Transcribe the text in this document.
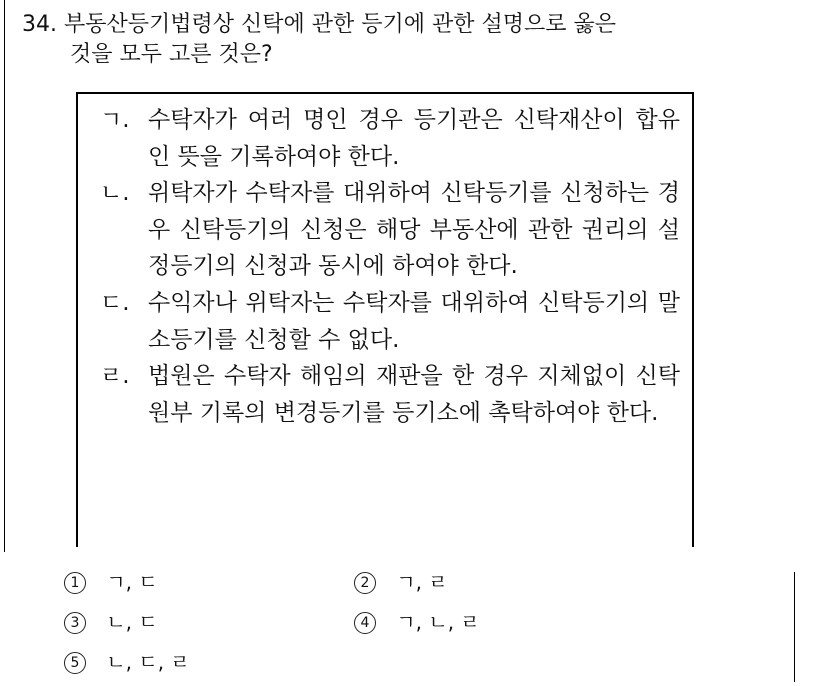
34. 부동산등기법령상 신탁에 관한 등기에 관한 설명으로 옳은
것을 모두 고른 것은?
ㄱ. 수탁자가 여러 명인 경우 등기관은 신탁재산이 합유인 뜻을 기록하여야 한다.
ㄴ. 위탁자가 수탁자를 대위하여 신탁등기를 신청하는 경우 신탁등기의 신청은 해당 부동산에 관한 권리의 설정등기의 신청과 동시에 하여야 한다.
ㄷ. 수익자나 위탁자는 수탁자를 대위하여 신탁등기의 말소등기를 신청할 수 없다.
ㄹ. 법원은 수탁자 해임의 재판을 한 경우 지체없이 신탁원부 기록의 변경등기를 등기소에 촉탁하여야 한다.
1 ㄱ, ㄷ	2 ㄱ, ㄹ
3 ㄴ, ㄷ	4 ㄱ, ㄴ, ㄹ
5 ㄴ, ㄷ, ㄹ
